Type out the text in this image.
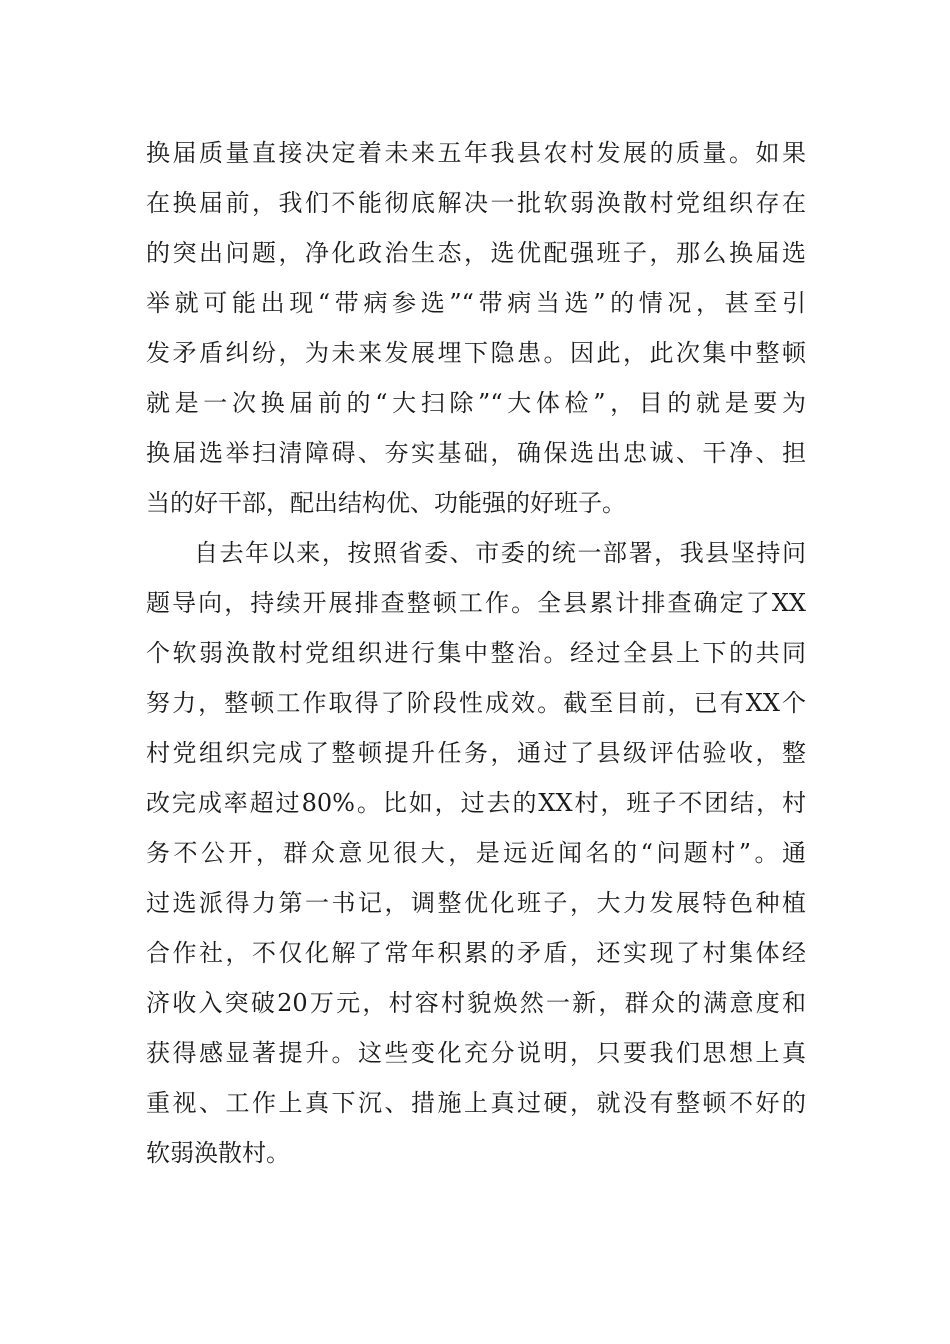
换届质量直接决定着未来五年我县农村发展的质量。如果
在换届前，我们不能彻底解决一批软弱涣散村党组织存在
的突出问题，净化政治生态，选优配强班子，那么换届选
举就可能出现“带病参选”“带病当选”的情况，甚至引
发矛盾纠纷，为未来发展埋下隐患。因此，此次集中整顿
就是一次换届前的“大扫除”“大体检”，目的就是要为
换届选举扫清障碍、夯实基础，确保选出忠诚、干净、担
当的好干部，配出结构优、功能强的好班子。
自去年以来，按照省委、市委的统一部署，我县坚持问
题导向，持续开展排查整顿工作。全县累计排查确定了XX
个软弱涣散村党组织进行集中整治。经过全县上下的共同
努力，整顿工作取得了阶段性成效。截至目前，已有XX个
村党组织完成了整顿提升任务，通过了县级评估验收，整
改完成率超过80%。比如，过去的XX村，班子不团结，村
务不公开，群众意见很大，是远近闻名的“问题村”。通
过选派得力第一书记，调整优化班子，大力发展特色种植
合作社，不仅化解了常年积累的矛盾，还实现了村集体经
济收入突破20万元，村容村貌焕然一新，群众的满意度和
获得感显著提升。这些变化充分说明，只要我们思想上真
重视、工作上真下沉、措施上真过硬，就没有整顿不好的
软弱涣散村。
